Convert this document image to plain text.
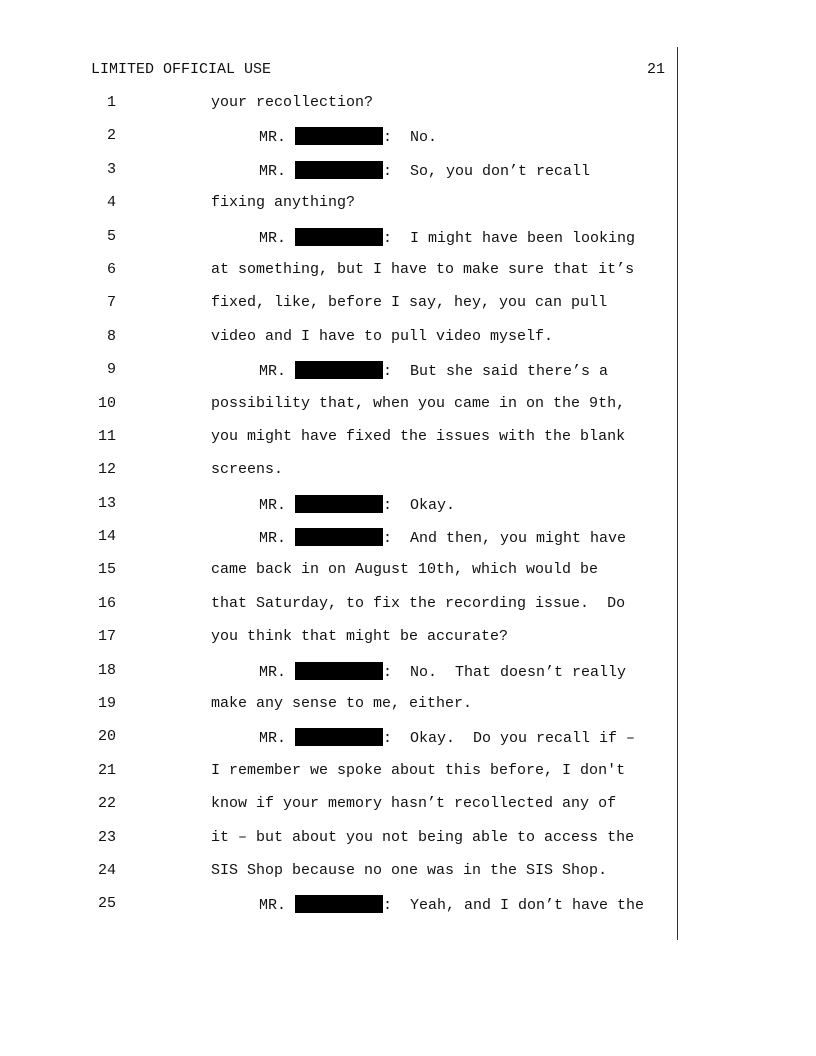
LIMITED OFFICIAL USE	21
1	your recollection?
2	MR.	:  No.
3	MR.	:  So, you don’t recall
4	fixing anything?
5	MR.	:  I might have been looking
6	at something, but I have to make sure that it’s
7	fixed, like, before I say, hey, you can pull
8	video and I have to pull video myself.
9	MR.	:  But she said there’s a
10	possibility that, when you came in on the 9th,
11	you might have fixed the issues with the blank
12	screens.
13	MR.	:  Okay.
14	MR.	:  And then, you might have
15	came back in on August 10th, which would be
16	that Saturday, to fix the recording issue.  Do
17	you think that might be accurate?
18	MR.	:  No.  That doesn’t really
19	make any sense to me, either.
20	MR.	:  Okay.  Do you recall if –
21	I remember we spoke about this before, I don't
22	know if your memory hasn’t recollected any of
23	it – but about you not being able to access the
24	SIS Shop because no one was in the SIS Shop.
25	MR.	:  Yeah, and I don’t have the
